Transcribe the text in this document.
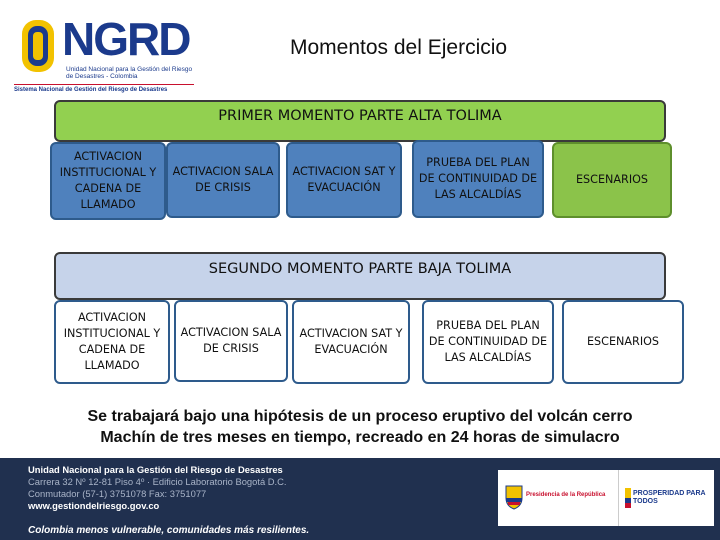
NGRD
Unidad Nacional para la Gestión del Riesgo de Desastres - Colombia
Sistema Nacional de Gestión del Riesgo de Desastres
Momentos del Ejercicio
PRIMER MOMENTO PARTE ALTA TOLIMA
ACTIVACION INSTITUCIONAL Y CADENA DE LLAMADO
ACTIVACION SALA DE CRISIS
ACTIVACION SAT Y EVACUACIÓN
PRUEBA DEL PLAN DE CONTINUIDAD DE LAS ALCALDÍAS
ESCENARIOS
SEGUNDO MOMENTO PARTE BAJA TOLIMA
ACTIVACION INSTITUCIONAL Y CADENA DE LLAMADO
ACTIVACION SALA DE CRISIS
ACTIVACION SAT Y EVACUACIÓN
PRUEBA DEL PLAN DE CONTINUIDAD DE LAS ALCALDÍAS
ESCENARIOS
Se trabajará bajo una hipótesis de un proceso eruptivo del volcán cerro
Machín de tres meses en tiempo, recreado en 24 horas de simulacro
Unidad Nacional para la Gestión del Riesgo de Desastres
Carrera 32 Nº 12-81 Piso 4º · Edificio Laboratorio Bogotá D.C.
Conmutador (57-1) 3751078 Fax: 3751077
www.gestiondelriesgo.gov.co
Colombia menos vulnerable, comunidades más resilientes.
Presidencia de la República	PROSPERIDAD PARA TODOS
